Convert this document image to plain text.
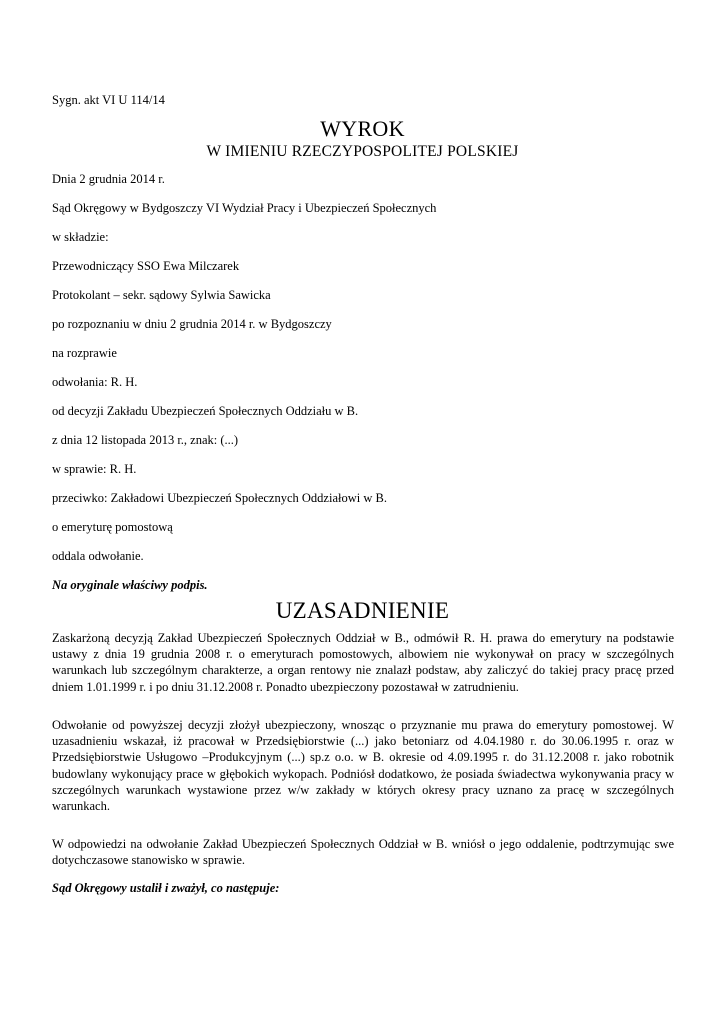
Sygn. akt VI U 114/14
WYROK
W IMIENIU RZECZYPOSPOLITEJ POLSKIEJ
Dnia 2 grudnia 2014 r.
Sąd Okręgowy w Bydgoszczy VI Wydział Pracy i Ubezpieczeń Społecznych
w składzie:
Przewodniczący SSO Ewa Milczarek
Protokolant – sekr. sądowy Sylwia Sawicka
po rozpoznaniu w dniu 2 grudnia 2014 r. w Bydgoszczy
na rozprawie
odwołania: R. H.
od decyzji Zakładu Ubezpieczeń Społecznych Oddziału w B.
z dnia 12 listopada 2013 r., znak: (...)
w sprawie: R. H.
przeciwko: Zakładowi Ubezpieczeń Społecznych Oddziałowi w B.
o emeryturę pomostową
oddala odwołanie.
Na oryginale właściwy podpis.
UZASADNIENIE
Zaskarżoną decyzją Zakład Ubezpieczeń Społecznych Oddział w B., odmówił R. H. prawa do emerytury na podstawie ustawy z dnia 19 grudnia 2008 r. o emeryturach pomostowych, albowiem nie wykonywał on pracy w szczególnych warunkach lub szczególnym charakterze, a organ rentowy nie znalazł podstaw, aby zaliczyć do takiej pracy pracę przed dniem 1.01.1999 r. i po dniu 31.12.2008 r. Ponadto ubezpieczony pozostawał w zatrudnieniu.
Odwołanie od powyższej decyzji złożył ubezpieczony, wnosząc o przyznanie mu prawa do emerytury pomostowej. W uzasadnieniu wskazał, iż pracował w Przedsiębiorstwie (...) jako betoniarz od 4.04.1980 r. do 30.06.1995 r. oraz w Przedsiębiorstwie Usługowo –Produkcyjnym (...) sp.z o.o. w B. okresie od 4.09.1995 r. do 31.12.2008 r. jako robotnik budowlany wykonujący prace w głębokich wykopach. Podniósł dodatkowo, że posiada świadectwa wykonywania pracy w szczególnych warunkach wystawione przez w/w zakłady w których okresy pracy uznano za pracę w szczególnych warunkach.
W odpowiedzi na odwołanie Zakład Ubezpieczeń Społecznych Oddział w B. wniósł o jego oddalenie, podtrzymując swe dotychczasowe stanowisko w sprawie.
Sąd Okręgowy ustalił i zważył, co następuje:
